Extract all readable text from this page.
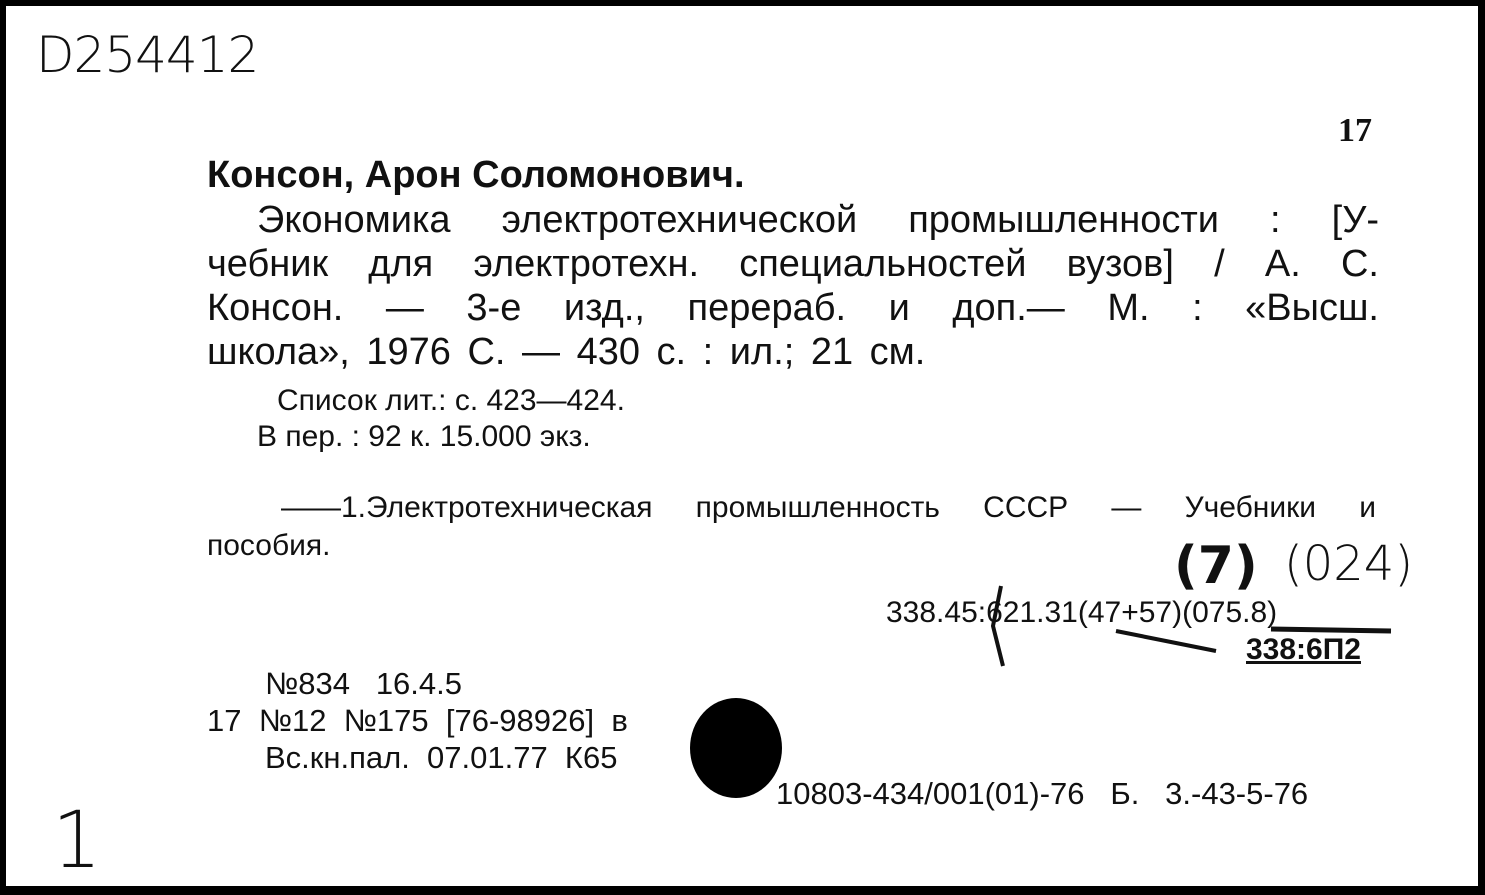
D254412
17
Консон, Арон Соломонович.
Экономика электротехнической промышленности : [У-
чебник для электротехн. специальностей вузов] / А. С.
Консон. — 3-е изд., перераб. и доп.— М. : «Высш.
школа», 1976 С. — 430 с. : ил.; 21 см.
Список лит.: с. 423—424.
В пер. : 92 к. 15.000 экз.
——1.Электротехническая промышленность СССР — Учебники и
пособия.	(7) (024)
338.45:621.31(47+57)(075.8)
338:6П2
№834   16.4.5
17  №12  №175  [76-98926]  в
Вс.кн.пал.  07.01.77  К65
10803-434/001(01)-76   Б.   3.-43-5-76
1
